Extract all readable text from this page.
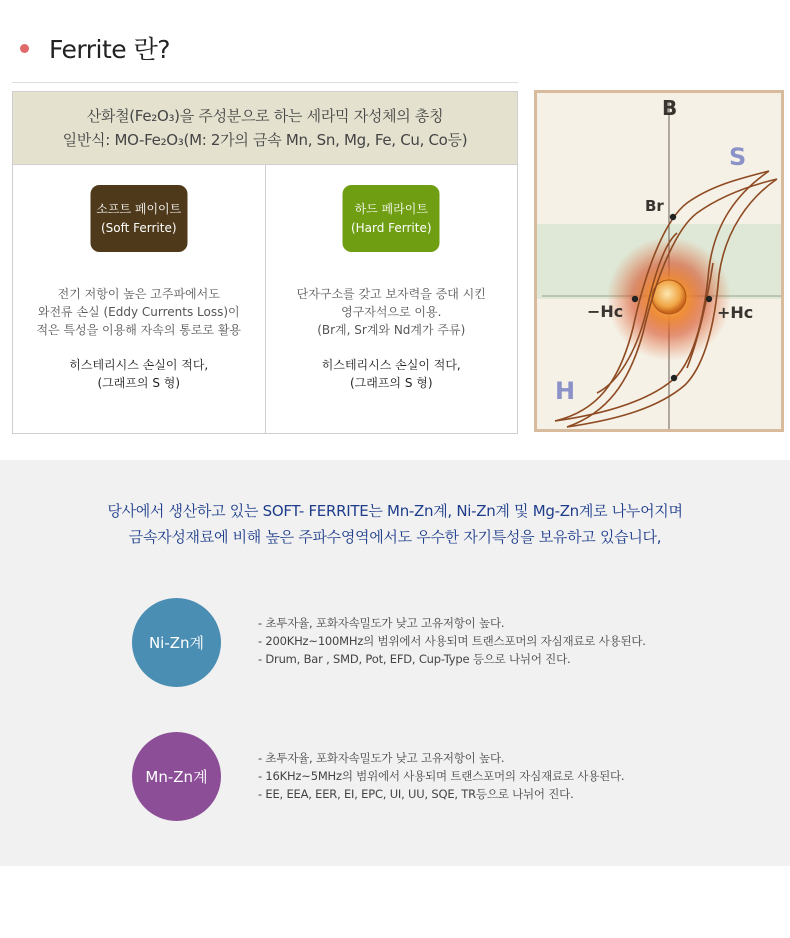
Ferrite 란?
산화철(Fe₂O₃)을 주성분으로 하는 세라믹 자성체의 총칭
일반식: MO-Fe₂O₃(M: 2가의 금속 Mn, Sn, Mg, Fe, Cu, Co등)
소프트 페이이트
(Soft Ferrite)
전기 저항이 높은 고주파에서도
와전류 손실 (Eddy Currents Loss)이
적은 특성을 이용해 자속의 통로로 활용
히스테리시스 손실이 적다,
(그래프의 S 형)
하드 페라이트
(Hard Ferrite)
단자구소를 갖고 보자력을 증대 시킨
영구자석으로 이용.
(Br계, Sr계와 Nd계가 주류)
히스테리시스 손실이 적다,
(그래프의 S 형)
B
S
Br
−Hc	+Hc
H
당사에서 생산하고 있는 SOFT- FERRITE는 Mn-Zn계, Ni-Zn계 및 Mg-Zn계로 나누어지며
금속자성재료에 비해 높은 주파수영역에서도 우수한 자기특성을 보유하고 있습니다,
Ni-Zn계
- 초투자율, 포화자속밀도가 낮고 고유저항이 높다.
- 200KHz~100MHz의 범위에서 사용되며 트랜스포머의 자심재료로 사용된다.
- Drum, Bar , SMD, Pot, EFD, Cup-Type 등으로 나뉘어 진다.
Mn-Zn계
- 초투자율, 포화자속밀도가 낮고 고유저항이 높다.
- 16KHz~5MHz의 범위에서 사용되며 트랜스포머의 자심재료로 사용된다.
- EE, EEA, EER, EI, EPC, UI, UU, SQE, TR등으로 나뉘어 진다.
